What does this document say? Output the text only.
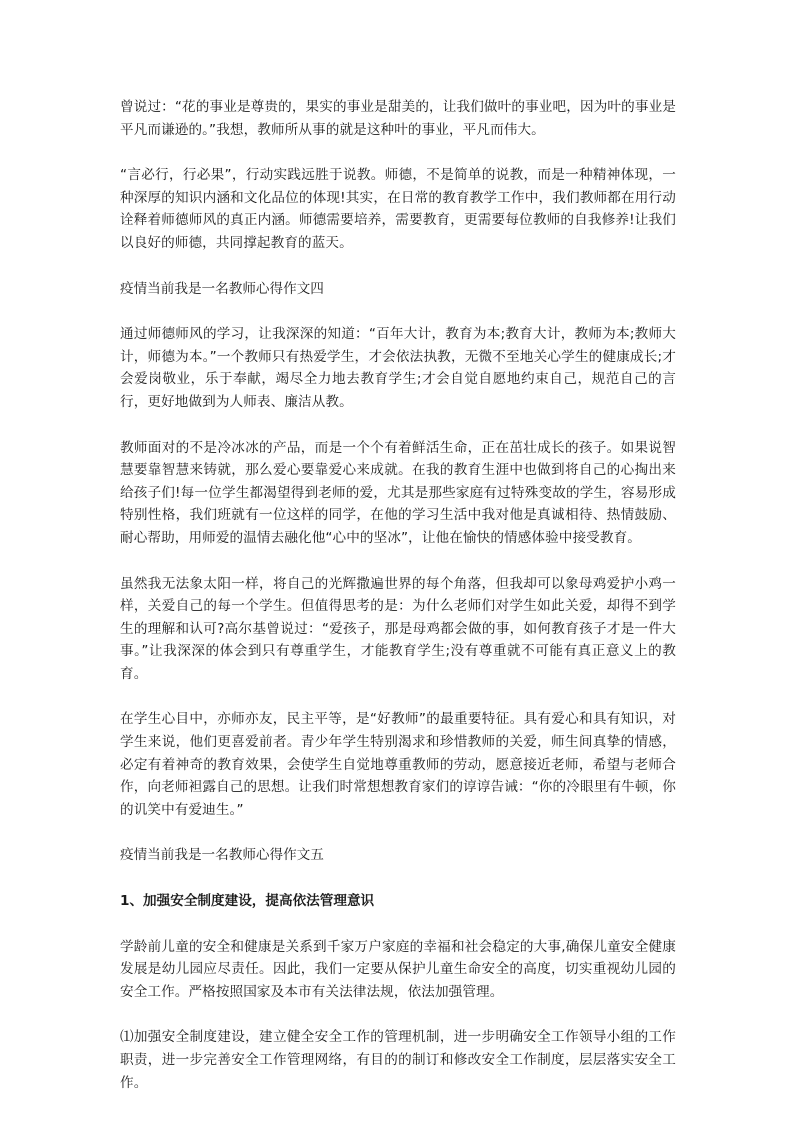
曾说过：“花的事业是尊贵的，果实的事业是甜美的，让我们做叶的事业吧，因为叶的事业是平凡而谦逊的。”我想，教师所从事的就是这种叶的事业，平凡而伟大。

“言必行，行必果”，行动实践远胜于说教。师德，不是简单的说教，而是一种精神体现，一种深厚的知识内涵和文化品位的体现!其实，在日常的教育教学工作中，我们教师都在用行动诠释着师德师风的真正内涵。师德需要培养，需要教育，更需要每位教师的自我修养!让我们以良好的师德，共同撑起教育的蓝天。

疫情当前我是一名教师心得作文四

通过师德师风的学习，让我深深的知道：“百年大计，教育为本;教育大计，教师为本;教师大计，师德为本。”一个教师只有热爱学生，才会依法执教，无微不至地关心学生的健康成长;才会爱岗敬业，乐于奉献，竭尽全力地去教育学生;才会自觉自愿地约束自己，规范自己的言行，更好地做到为人师表、廉洁从教。

教师面对的不是冷冰冰的产品，而是一个个有着鲜活生命，正在茁壮成长的孩子。如果说智慧要靠智慧来铸就，那么爱心要靠爱心来成就。在我的教育生涯中也做到将自己的心掏出来给孩子们!每一位学生都渴望得到老师的爱，尤其是那些家庭有过特殊变故的学生，容易形成特别性格，我们班就有一位这样的同学，在他的学习生活中我对他是真诚相待、热情鼓励、耐心帮助，用师爱的温情去融化他“心中的坚冰”，让他在愉快的情感体验中接受教育。

虽然我无法象太阳一样，将自己的光辉撒遍世界的每个角落，但我却可以象母鸡爱护小鸡一样，关爱自己的每一个学生。但值得思考的是：为什么老师们对学生如此关爱，却得不到学生的理解和认可?高尔基曾说过：“爱孩子，那是母鸡都会做的事，如何教育孩子才是一件大事。”让我深深的体会到只有尊重学生，才能教育学生;没有尊重就不可能有真正意义上的教育。

在学生心目中，亦师亦友，民主平等，是“好教师”的最重要特征。具有爱心和具有知识，对学生来说，他们更喜爱前者。青少年学生特别渴求和珍惜教师的关爱，师生间真挚的情感，必定有着神奇的教育效果，会使学生自觉地尊重教师的劳动，愿意接近老师，希望与老师合作，向老师袒露自己的思想。让我们时常想想教育家们的谆谆告诫：“你的冷眼里有牛顿，你的讥笑中有爱迪生。”

疫情当前我是一名教师心得作文五

1、加强安全制度建设，提高依法管理意识

学龄前儿童的安全和健康是关系到千家万户家庭的幸福和社会稳定的大事,确保儿童安全健康发展是幼儿园应尽责任。因此，我们一定要从保护儿童生命安全的高度，切实重视幼儿园的安全工作。严格按照国家及本市有关法律法规，依法加强管理。

⑴加强安全制度建设，建立健全安全工作的管理机制，进一步明确安全工作领导小组的工作职责，进一步完善安全工作管理网络，有目的的制订和修改安全工作制度，层层落实安全工作。
